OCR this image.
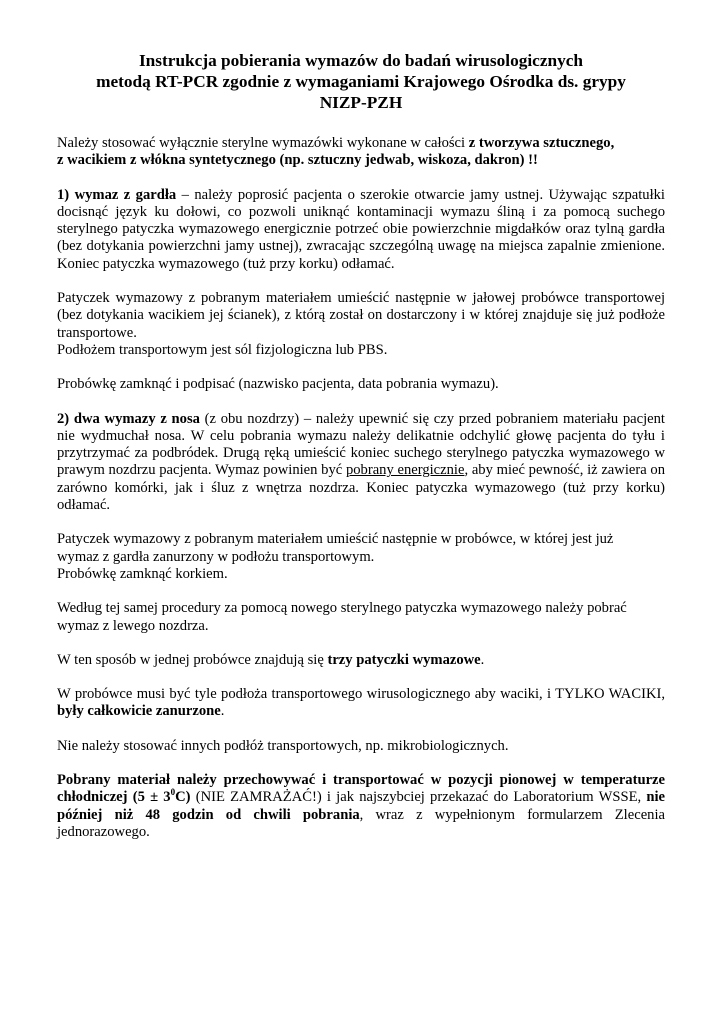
Instrukcja pobierania wymazów do badań wirusologicznych
metodą RT-PCR zgodnie z wymaganiami Krajowego Ośrodka ds. grypy
NIZP-PZH

Należy stosować wyłącznie sterylne wymazówki wykonane w całości z tworzywa sztucznego,
z wacikiem z włókna syntetycznego (np. sztuczny jedwab, wiskoza, dakron) !!

1) wymaz z gardła – należy poprosić pacjenta o szerokie otwarcie jamy ustnej. Używając szpatułki docisnąć język ku dołowi, co pozwoli uniknąć kontaminacji wymazu śliną i za pomocą suchego sterylnego patyczka wymazowego energicznie potrzeć obie powierzchnie migdałków oraz tylną gardła (bez dotykania powierzchni jamy ustnej), zwracając szczególną uwagę na miejsca zapalnie zmienione. Koniec patyczka wymazowego (tuż przy korku) odłamać.

Patyczek wymazowy z pobranym materiałem umieścić następnie w jałowej probówce transportowej (bez dotykania wacikiem jej ścianek), z którą został on dostarczony i w której znajduje się już podłoże transportowe.

Podłożem transportowym jest sól fizjologiczna lub PBS.

Probówkę zamknąć i podpisać (nazwisko pacjenta, data pobrania wymazu).

2) dwa wymazy z nosa (z obu nozdrzy) – należy upewnić się czy przed pobraniem materiału pacjent nie wydmuchał nosa. W celu pobrania wymazu należy delikatnie odchylić głowę pacjenta do tyłu i przytrzymać za podbródek. Drugą ręką umieścić koniec suchego sterylnego patyczka wymazowego w prawym nozdrzu pacjenta. Wymaz powinien być pobrany energicznie, aby mieć pewność, iż zawiera on zarówno komórki, jak i śluz z wnętrza nozdrza. Koniec patyczka wymazowego (tuż przy korku) odłamać.

Patyczek wymazowy z pobranym materiałem umieścić następnie w probówce, w której jest już
wymaz z gardła zanurzony w podłożu transportowym.
Probówkę zamknąć korkiem.

Według tej samej procedury za pomocą nowego sterylnego patyczka wymazowego należy pobrać
wymaz z lewego nozdrza.

W ten sposób w jednej probówce znajdują się trzy patyczki wymazowe.

W probówce musi być tyle podłoża transportowego wirusologicznego aby waciki, i TYLKO WACIKI, były całkowicie zanurzone.

Nie należy stosować innych podłóż transportowych, np. mikrobiologicznych.

Pobrany materiał należy przechowywać i transportować w pozycji pionowej w temperaturze chłodniczej $(5 \pm 3^0C)$ (NIE ZAMRAŻAĆ!) i jak najszybciej przekazać do Laboratorium WSSE, nie później niż 48 godzin od chwili pobrania, wraz z wypełnionym formularzem Zlecenia jednorazowego.
